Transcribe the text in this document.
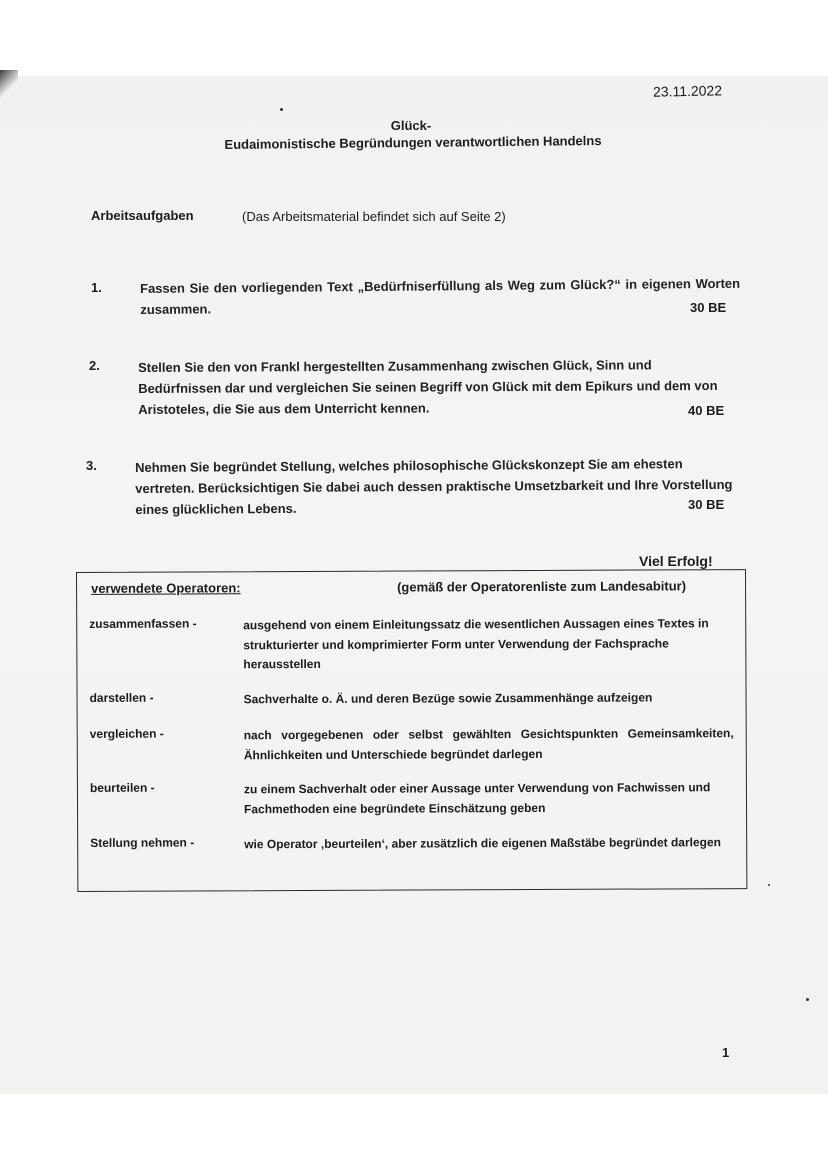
23.11.2022
Glück-
Eudaimonistische Begründungen verantwortlichen Handelns
Arbeitsaufgaben	(Das Arbeitsmaterial befindet sich auf Seite 2)
1.	Fassen Sie den vorliegenden Text „Bedürfniserfüllung als Weg zum Glück?“ in eigenen Worten zusammen.	30 BE
2.	Stellen Sie den von Frankl hergestellten Zusammenhang zwischen Glück, Sinn und Bedürfnissen dar und vergleichen Sie seinen Begriff von Glück mit dem Epikurs und dem von Aristoteles, die Sie aus dem Unterricht kennen.	40 BE
3.	Nehmen Sie begründet Stellung, welches philosophische Glückskonzept Sie am ehesten vertreten. Berücksichtigen Sie dabei auch dessen praktische Umsetzbarkeit und Ihre Vorstellung eines glücklichen Lebens.	30 BE
Viel Erfolg!
verwendete Operatoren:	(gemäß der Operatorenliste zum Landesabitur)
zusammenfassen -	ausgehend von einem Einleitungssatz die wesentlichen Aussagen eines Textes in strukturierter und komprimierter Form unter Verwendung der Fachsprache herausstellen
darstellen -	Sachverhalte o. Ä. und deren Bezüge sowie Zusammenhänge aufzeigen
vergleichen -	nach vorgegebenen oder selbst gewählten Gesichtspunkten Gemeinsamkeiten, Ähnlichkeiten und Unterschiede begründet darlegen
beurteilen -	zu einem Sachverhalt oder einer Aussage unter Verwendung von Fachwissen und Fachmethoden eine begründete Einschätzung geben
Stellung nehmen -	wie Operator ‚beurteilen‘, aber zusätzlich die eigenen Maßstäbe begründet darlegen
1
